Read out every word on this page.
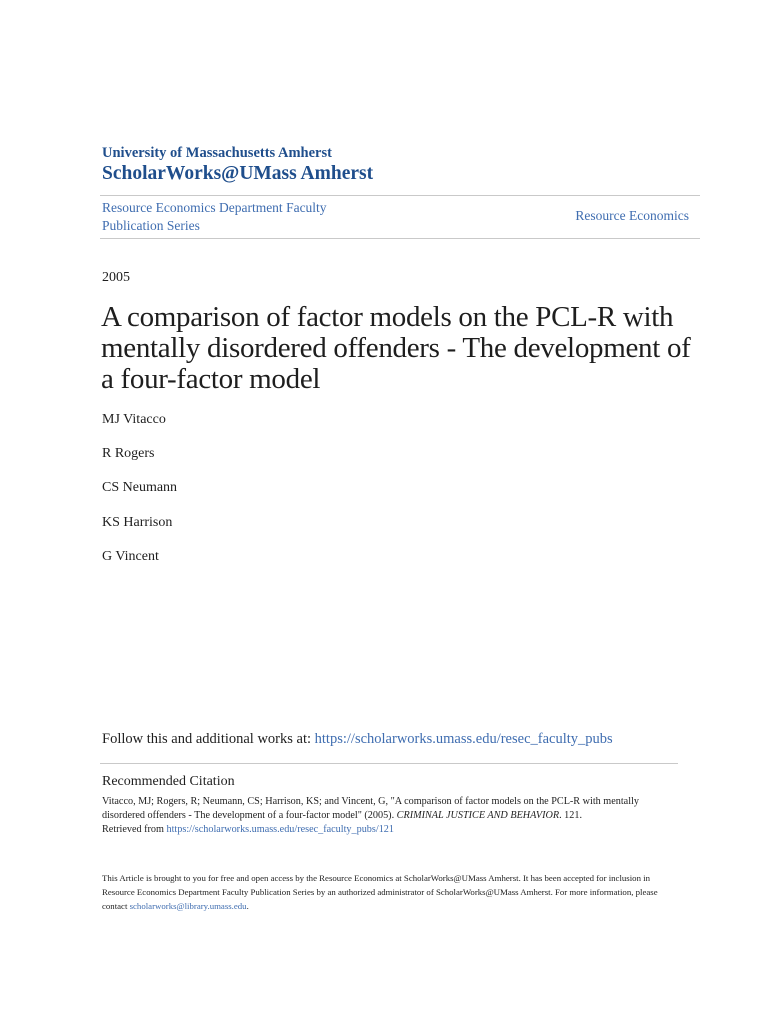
University of Massachusetts Amherst
ScholarWorks@UMass Amherst
Resource Economics Department Faculty
Publication Series
Resource Economics
2005
A comparison of factor models on the PCL-R with mentally disordered offenders - The development of a four-factor model
MJ Vitacco
R Rogers
CS Neumann
KS Harrison
G Vincent
Follow this and additional works at: https://scholarworks.umass.edu/resec_faculty_pubs
Recommended Citation
Vitacco, MJ; Rogers, R; Neumann, CS; Harrison, KS; and Vincent, G, "A comparison of factor models on the PCL-R with mentally disordered offenders - The development of a four-factor model" (2005). CRIMINAL JUSTICE AND BEHAVIOR. 121.
Retrieved from https://scholarworks.umass.edu/resec_faculty_pubs/121
This Article is brought to you for free and open access by the Resource Economics at ScholarWorks@UMass Amherst. It has been accepted for inclusion in Resource Economics Department Faculty Publication Series by an authorized administrator of ScholarWorks@UMass Amherst. For more information, please contact scholarworks@library.umass.edu.
